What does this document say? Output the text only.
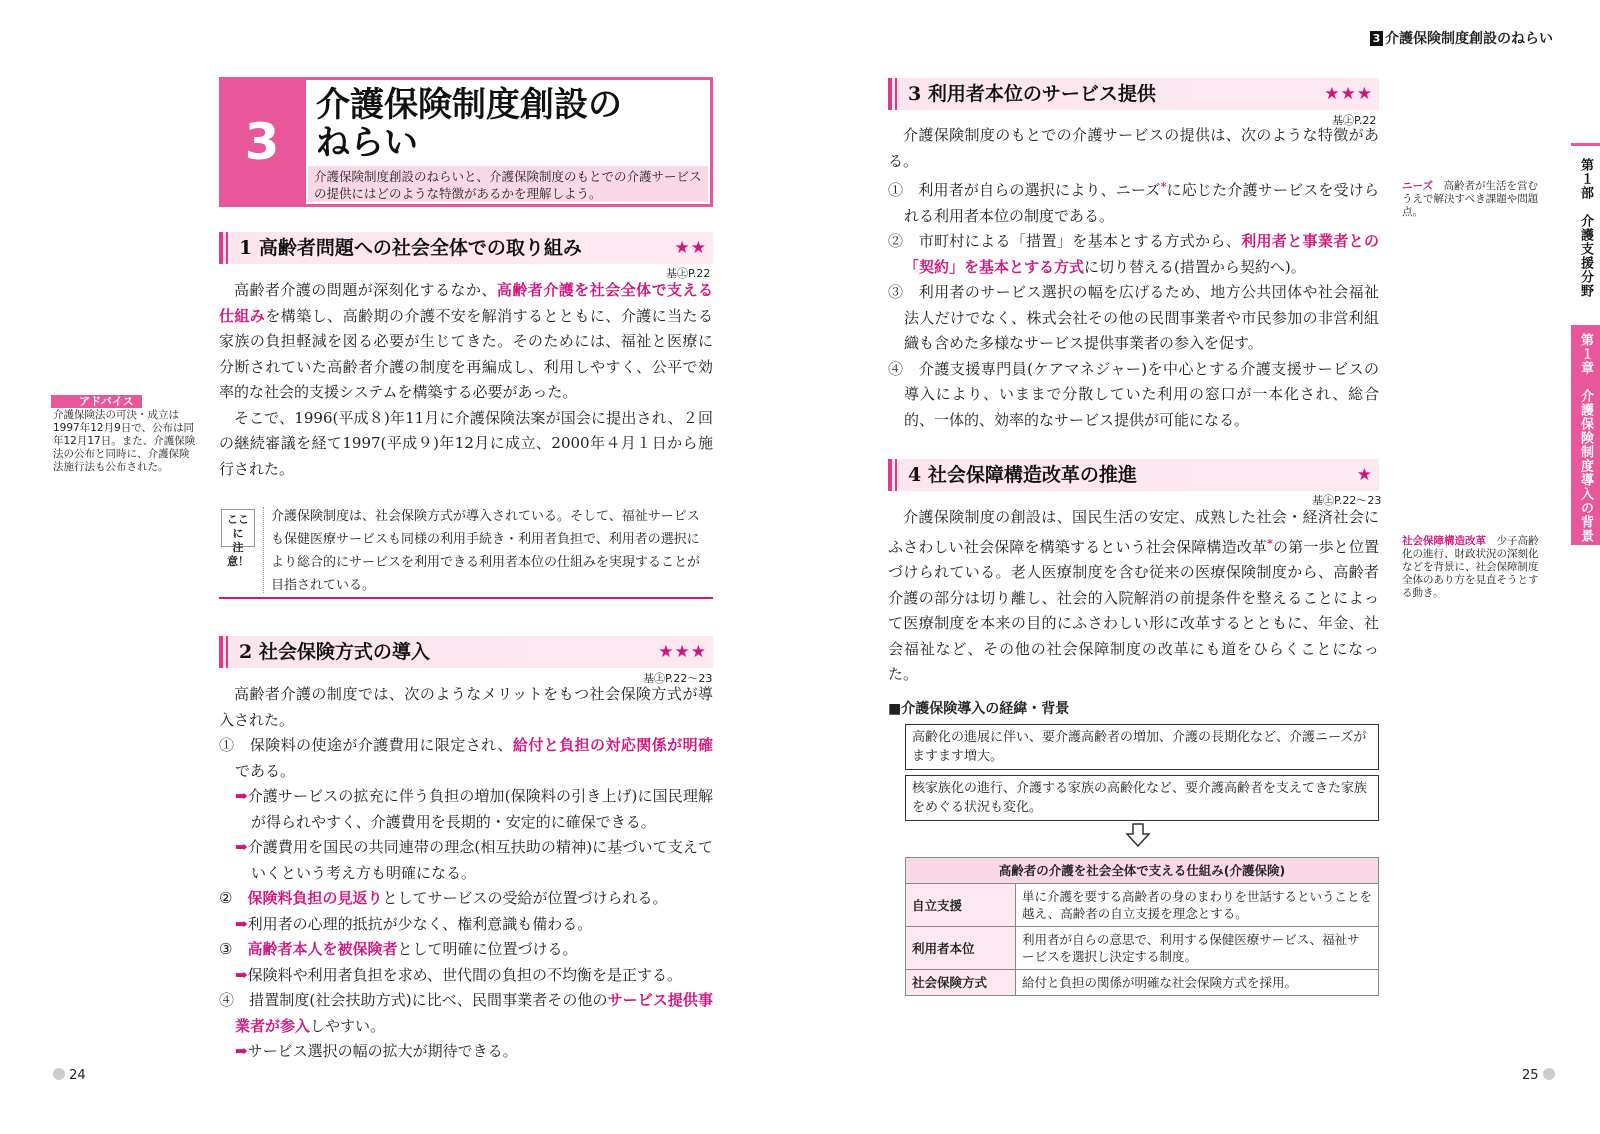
3 介護保険制度創設のねらい
3
介護保険制度創設の
ねらい
介護保険制度創設のねらいと、介護保険制度のもとでの介護サービスの提供にはどのような特徴があるかを理解しよう。
1 高齢者問題への社会全体での取り組み	★★
基㊤P.22
高齢者介護の問題が深刻化するなか、高齢者介護を社会全体で支える仕組みを構築し、高齢期の介護不安を解消するとともに、介護に当たる家族の負担軽減を図る必要が生じてきた。そのためには、福祉と医療に分断されていた高齢者介護の制度を再編成し、利用しやすく、公平で効率的な社会的支援システムを構築する必要があった。
そこで、1996(平成８)年11月に介護保険法案が国会に提出され、２回の継続審議を経て1997(平成９)年12月に成立、2000年４月１日から施行された。
アドバイス
介護保険法の可決・成立は1997年12月9日で、公布は同年12月17日。また、介護保険法の公布と同時に、介護保険法施行法も公布された。
ここに
注意！
介護保険制度は、社会保険方式が導入されている。そして、福祉サービスも保健医療サービスも同様の利用手続き・利用者負担で、利用者の選択により総合的にサービスを利用できる利用者本位の仕組みを実現することが目指されている。
2 社会保険方式の導入	★★★
基㊤P.22〜23
高齢者介護の制度では、次のようなメリットをもつ社会保険方式が導入された。
①　保険料の使途が介護費用に限定され、給付と負担の対応関係が明確である。
➡介護サービスの拡充に伴う負担の増加(保険料の引き上げ)に国民理解が得られやすく、介護費用を長期的・安定的に確保できる。
➡介護費用を国民の共同連帯の理念(相互扶助の精神)に基づいて支えていくという考え方も明確になる。
②　保険料負担の見返りとしてサービスの受給が位置づけられる。
➡利用者の心理的抵抗が少なく、権利意識も備わる。
③　高齢者本人を被保険者として明確に位置づける。
➡保険料や利用者負担を求め、世代間の負担の不均衡を是正する。
④　措置制度(社会扶助方式)に比べ、民間事業者その他のサービス提供事業者が参入しやすい。
➡サービス選択の幅の拡大が期待できる。
3 利用者本位のサービス提供	★★★
基㊤P.22
介護保険制度のもとでの介護サービスの提供は、次のような特徴がある。
①　利用者が自らの選択により、ニーズ*に応じた介護サービスを受けられる利用者本位の制度である。
②　市町村による「措置」を基本とする方式から、利用者と事業者との「契約」を基本とする方式に切り替える(措置から契約へ)。
③　利用者のサービス選択の幅を広げるため、地方公共団体や社会福祉法人だけでなく、株式会社その他の民間事業者や市民参加の非営利組織も含めた多様なサービス提供事業者の参入を促す。
④　介護支援専門員(ケアマネジャー)を中心とする介護支援サービスの導入により、いままで分散していた利用の窓口が一本化され、総合的、一体的、効率的なサービス提供が可能になる。
ニーズ　 高齢者が生活を営むうえで解決すべき課題や問題点。
4 社会保障構造改革の推進	★
基㊤P.22〜23
介護保険制度の創設は、国民生活の安定、成熟した社会・経済社会にふさわしい社会保障を構築するという社会保障構造改革*の第一歩と位置づけられている。老人医療制度を含む従来の医療保険制度から、高齢者介護の部分は切り離し、社会的入院解消の前提条件を整えることによって医療制度を本来の目的にふさわしい形に改革するとともに、年金、社会福祉など、その他の社会保障制度の改革にも道をひらくことになった。
社会保障構造改革　 少子高齢化の進行、財政状況の深刻化などを背景に、社会保障制度全体のあり方を見直そうとする動き。
■介護保険導入の経緯・背景
高齢化の進展に伴い、要介護高齢者の増加、介護の長期化など、介護ニーズがますます増大。
核家族化の進行、介護する家族の高齢化など、要介護高齢者を支えてきた家族をめぐる状況も変化。
高齢者の介護を社会全体で支える仕組み(介護保険)	
自立支援	単に介護を要する高齢者の身のまわりを世話するということを越え、高齢者の自立支援を理念とする。
利用者本位	利用者が自らの意思で、利用する保健医療サービス、福祉サービスを選択し決定する制度。
社会保険方式	給付と負担の関係が明確な社会保険方式を採用。
第１部　介護支援分野
第１章　介護保険制度導入の背景
24	25
